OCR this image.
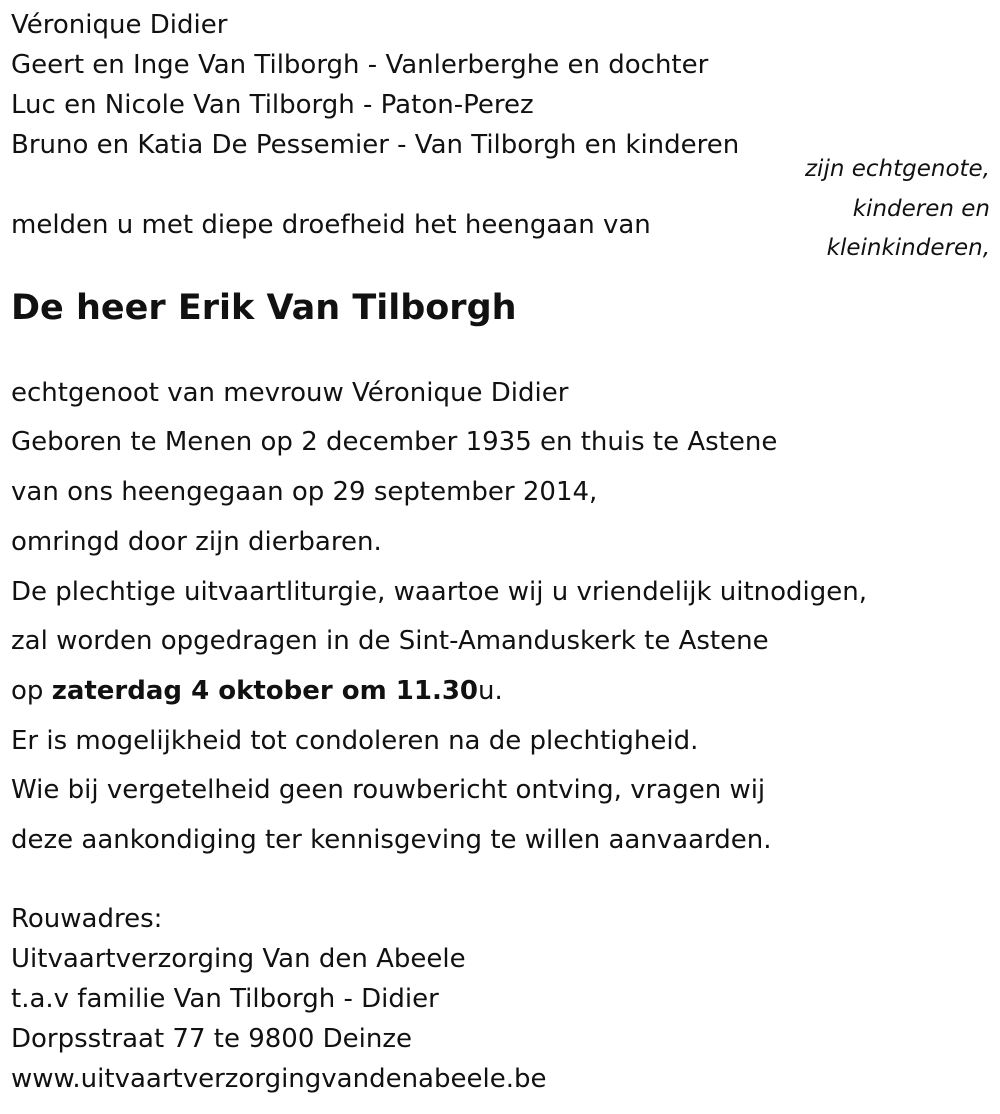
Véronique Didier
Geert en Inge Van Tilborgh - Vanlerberghe en dochter
Luc en Nicole Van Tilborgh - Paton-Perez
Bruno en Katia De Pessemier - Van Tilborgh en kinderen
zijn echtgenote,
kinderen en
kleinkinderen,
melden u met diepe droefheid het heengaan van
De heer Erik Van Tilborgh
echtgenoot van mevrouw Véronique Didier
Geboren te Menen op 2 december 1935 en thuis te Astene
van ons heengegaan op 29 september 2014,
omringd door zijn dierbaren.
De plechtige uitvaartliturgie, waartoe wij u vriendelijk uitnodigen,
zal worden opgedragen in de Sint-Amanduskerk te Astene
op zaterdag 4 oktober om 11.30u.
Er is mogelijkheid tot condoleren na de plechtigheid.
Wie bij vergetelheid geen rouwbericht ontving, vragen wij
deze aankondiging ter kennisgeving te willen aanvaarden.
Rouwadres:
Uitvaartverzorging Van den Abeele
t.a.v familie Van Tilborgh - Didier
Dorpsstraat 77 te 9800 Deinze
www.uitvaartverzorgingvandenabeele.be
